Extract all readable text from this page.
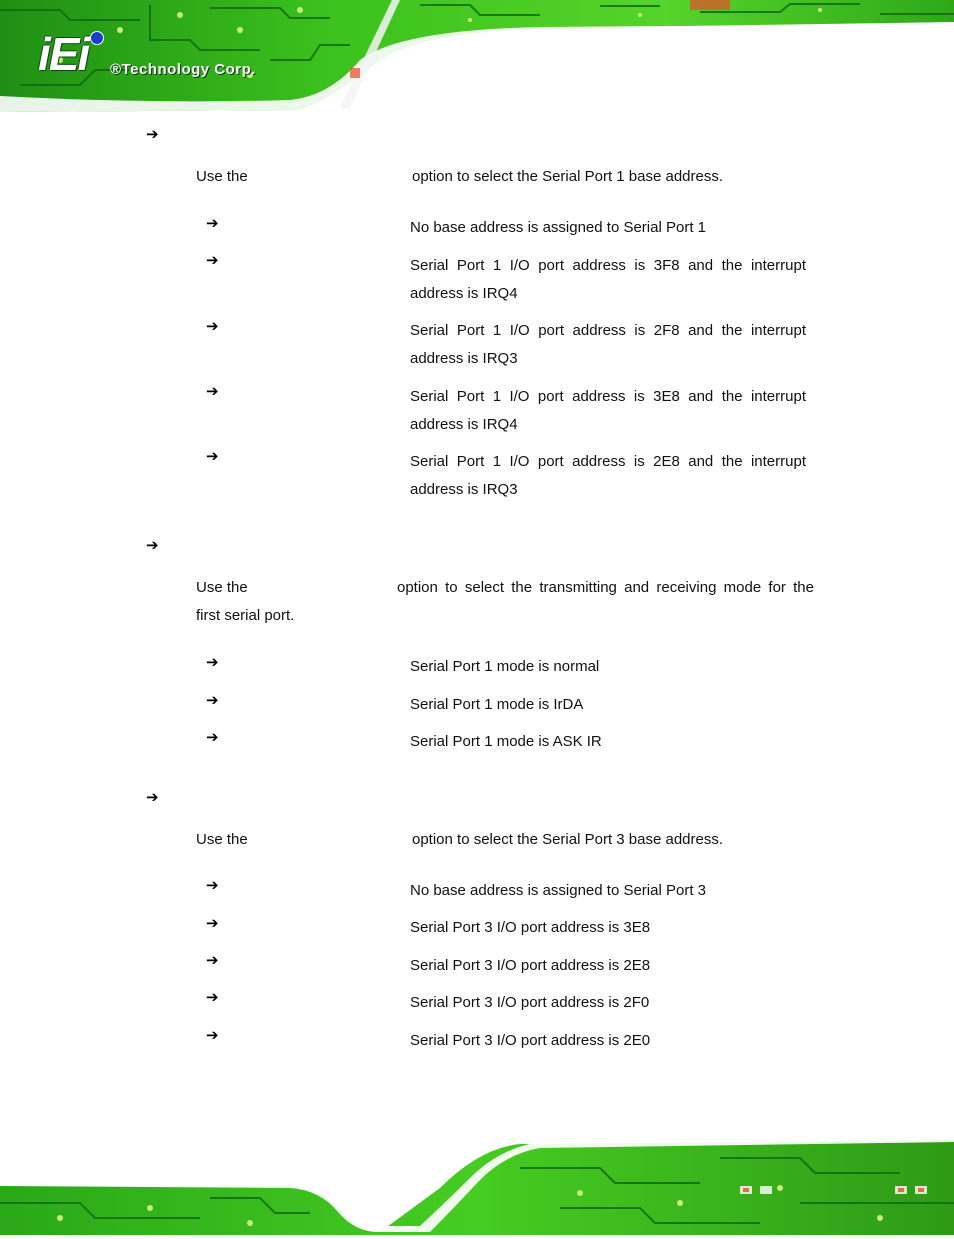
iEi ®Technology Corp.
➔
Use the	option to select the Serial Port 1 base address.
➔	No base address is assigned to Serial Port 1
➔	Serial Port 1 I/O port address is 3F8 and the interrupt
address is IRQ4
➔	Serial Port 1 I/O port address is 2F8 and the interrupt
address is IRQ3
➔	Serial Port 1 I/O port address is 3E8 and the interrupt
address is IRQ4
➔	Serial Port 1 I/O port address is 2E8 and the interrupt
address is IRQ3
➔
Use the	option to select the transmitting and receiving mode for the
first serial port.
➔	Serial Port 1 mode is normal
➔	Serial Port 1 mode is IrDA
➔	Serial Port 1 mode is ASK IR
➔
Use the	option to select the Serial Port 3 base address.
➔	No base address is assigned to Serial Port 3
➔	Serial Port 3 I/O port address is 3E8
➔	Serial Port 3 I/O port address is 2E8
➔	Serial Port 3 I/O port address is 2F0
➔	Serial Port 3 I/O port address is 2E0
